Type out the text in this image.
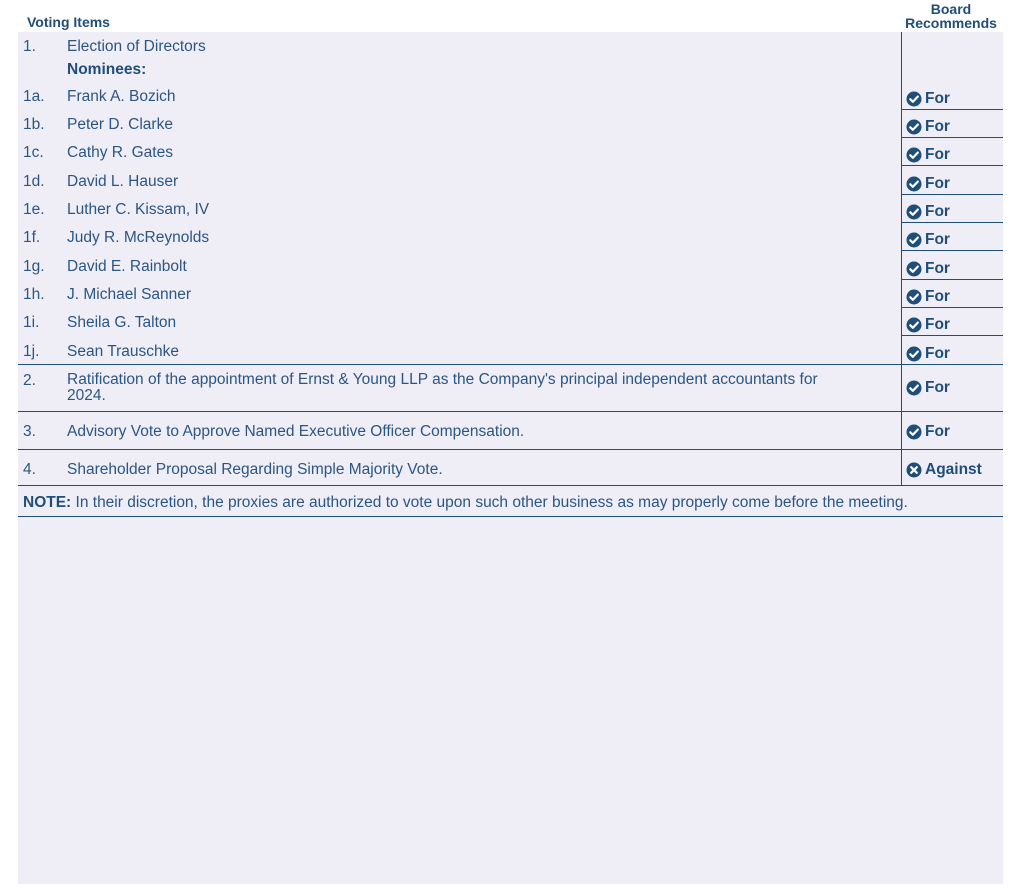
Voting Items
Board
Recommends
1. Election of Directors
Nominees:
1a. Frank A. Bozich	For
1b. Peter D. Clarke	For
1c. Cathy R. Gates	For
1d. David L. Hauser	For
1e. Luther C. Kissam, IV	For
1f. Judy R. McReynolds	For
1g. David E. Rainbolt	For
1h. J. Michael Sanner	For
1i. Sheila G. Talton	For
1j. Sean Trauschke	For
2. Ratification of the appointment of Ernst & Young LLP as the Company's principal independent accountants for
2024.	For
3. Advisory Vote to Approve Named Executive Officer Compensation.	For
4. Shareholder Proposal Regarding Simple Majority Vote.	Against
NOTE: In their discretion, the proxies are authorized to vote upon such other business as may properly come before the meeting.
